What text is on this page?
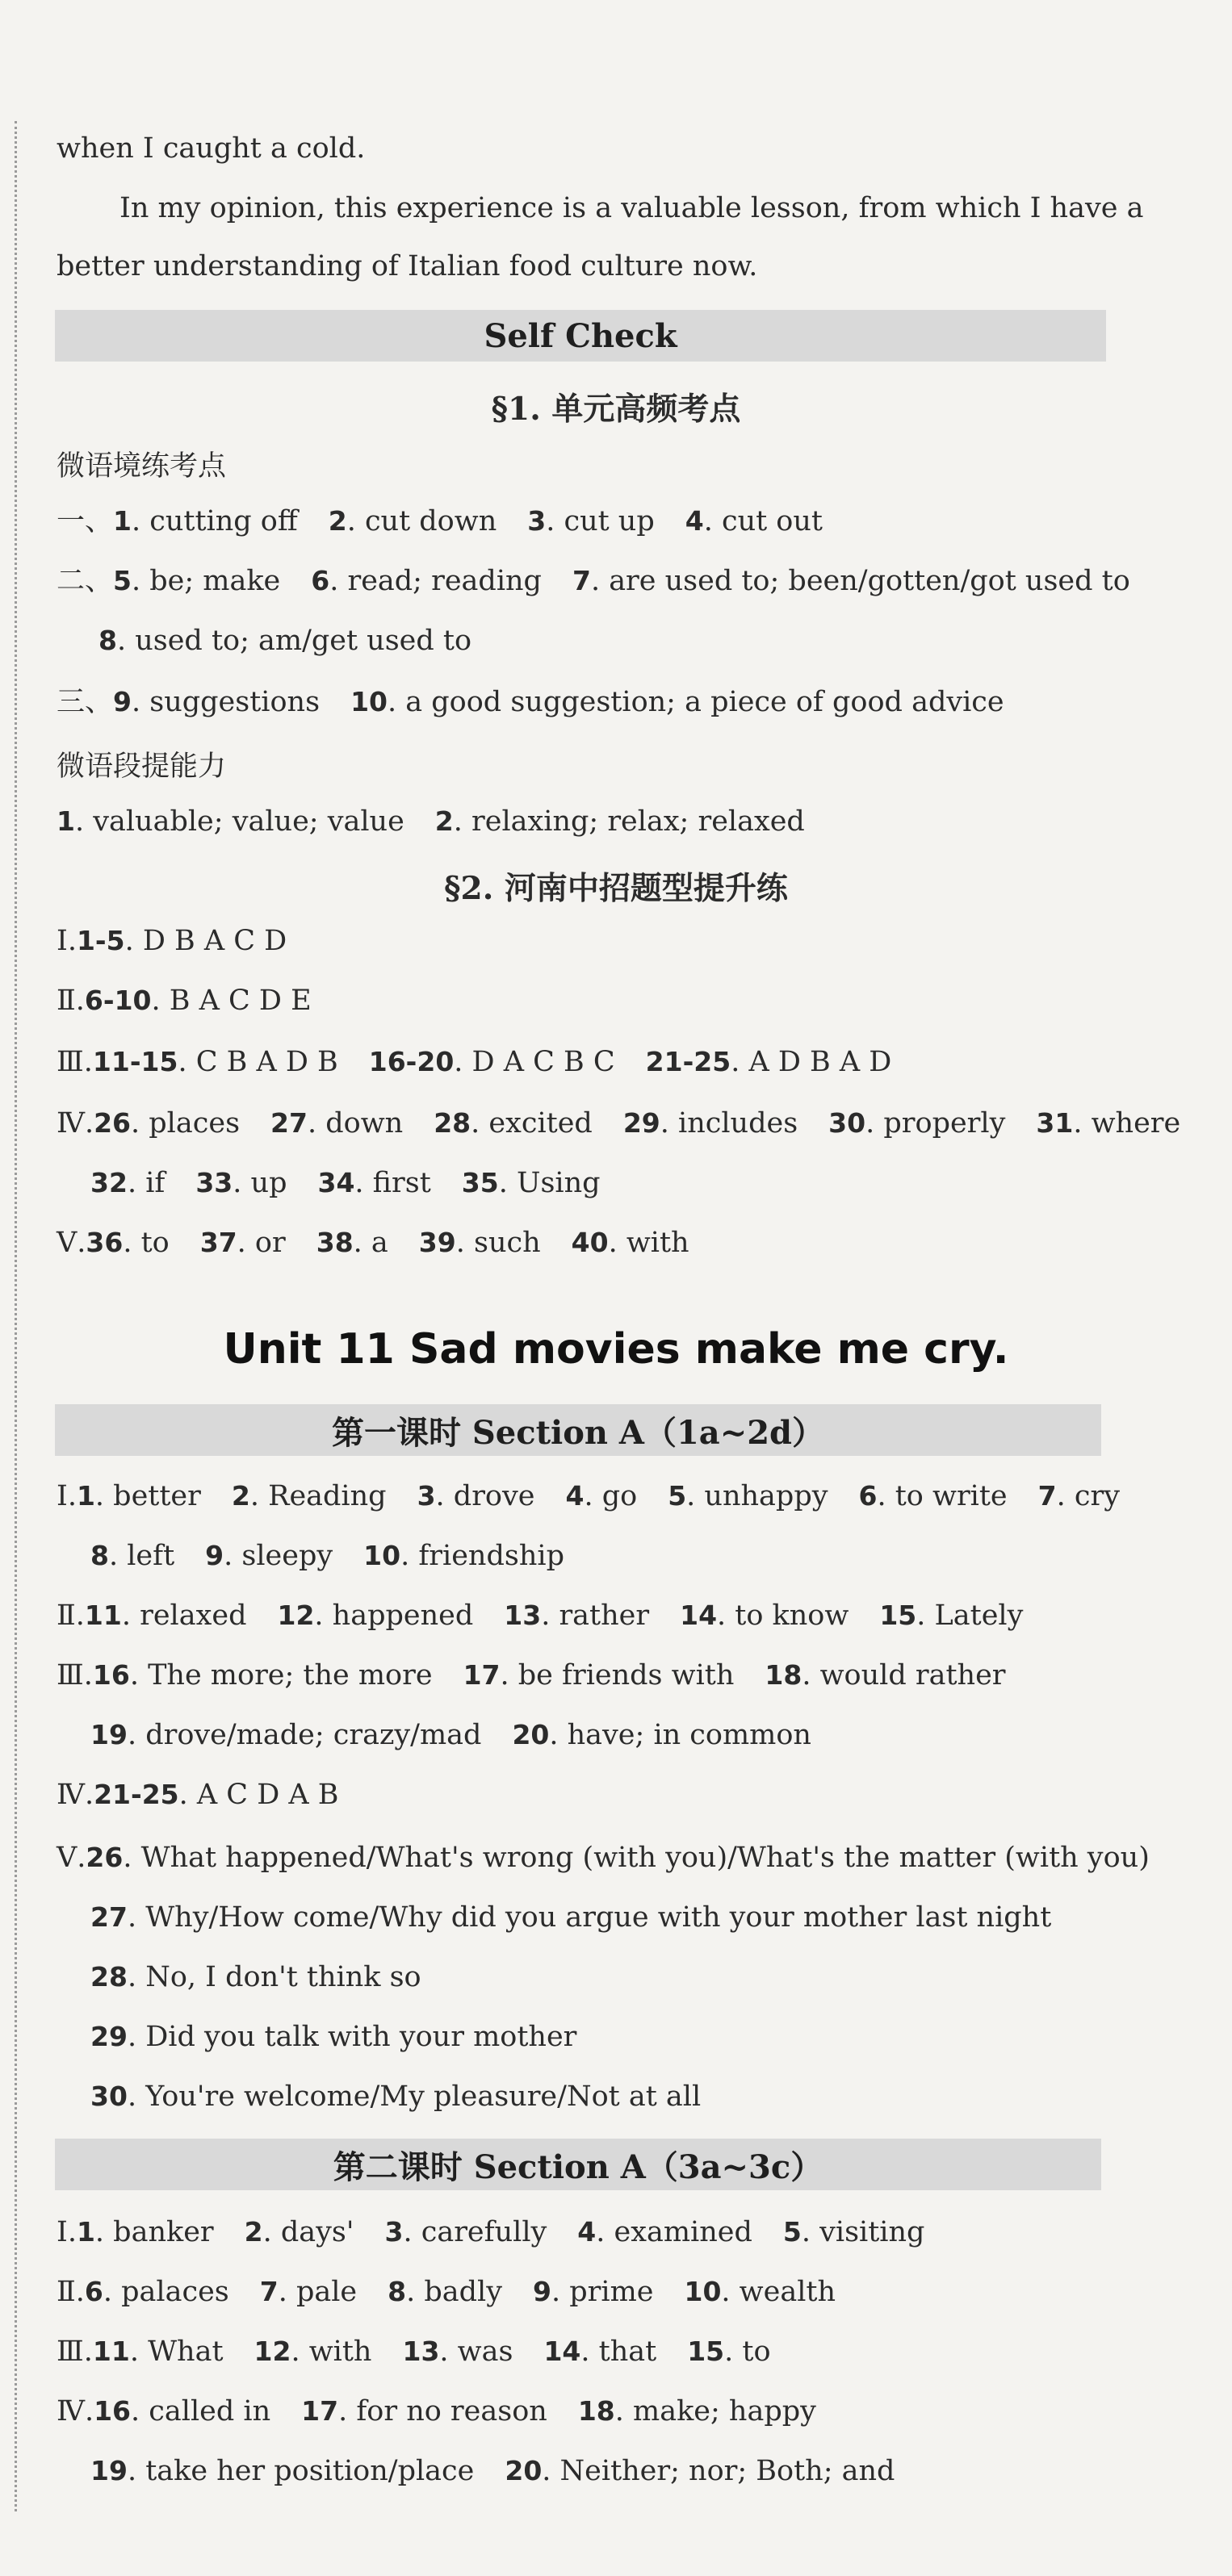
when I caught a cold.
In my opinion, this experience is a valuable lesson, from which I have a
better understanding of Italian food culture now.
Self Check
§1. 单元高频考点
微语境练考点
一、1. cutting off 2. cut down 3. cut up 4. cut out
二、5. be; make 6. read; reading 7. are used to; been/gotten/got used to
8. used to; am/get used to
三、9. suggestions 10. a good suggestion; a piece of good advice
微语段提能力
1. valuable; value; value 2. relaxing; relax; relaxed
§2. 河南中招题型提升练
Ⅰ.1-5. D B A C D
Ⅱ.6-10. B A C D E
Ⅲ.11-15. C B A D B 16-20. D A C B C 21-25. A D B A D
Ⅳ.26. places 27. down 28. excited 29. includes 30. properly 31. where
32. if 33. up 34. first 35. Using
Ⅴ.36. to 37. or 38. a 39. such 40. with
Unit 11 Sad movies make me cry.
第一课时 Section A（1a~2d）
Ⅰ.1. better 2. Reading 3. drove 4. go 5. unhappy 6. to write 7. cry
8. left 9. sleepy 10. friendship
Ⅱ.11. relaxed 12. happened 13. rather 14. to know 15. Lately
Ⅲ.16. The more; the more 17. be friends with 18. would rather
19. drove/made; crazy/mad 20. have; in common
Ⅳ.21-25. A C D A B
Ⅴ.26. What happened/What's wrong (with you)/What's the matter (with you)
27. Why/How come/Why did you argue with your mother last night
28. No, I don't think so
29. Did you talk with your mother
30. You're welcome/My pleasure/Not at all
第二课时 Section A（3a~3c）
Ⅰ.1. banker 2. days' 3. carefully 4. examined 5. visiting
Ⅱ.6. palaces 7. pale 8. badly 9. prime 10. wealth
Ⅲ.11. What 12. with 13. was 14. that 15. to
Ⅳ.16. called in 17. for no reason 18. make; happy
19. take her position/place 20. Neither; nor; Both; and
